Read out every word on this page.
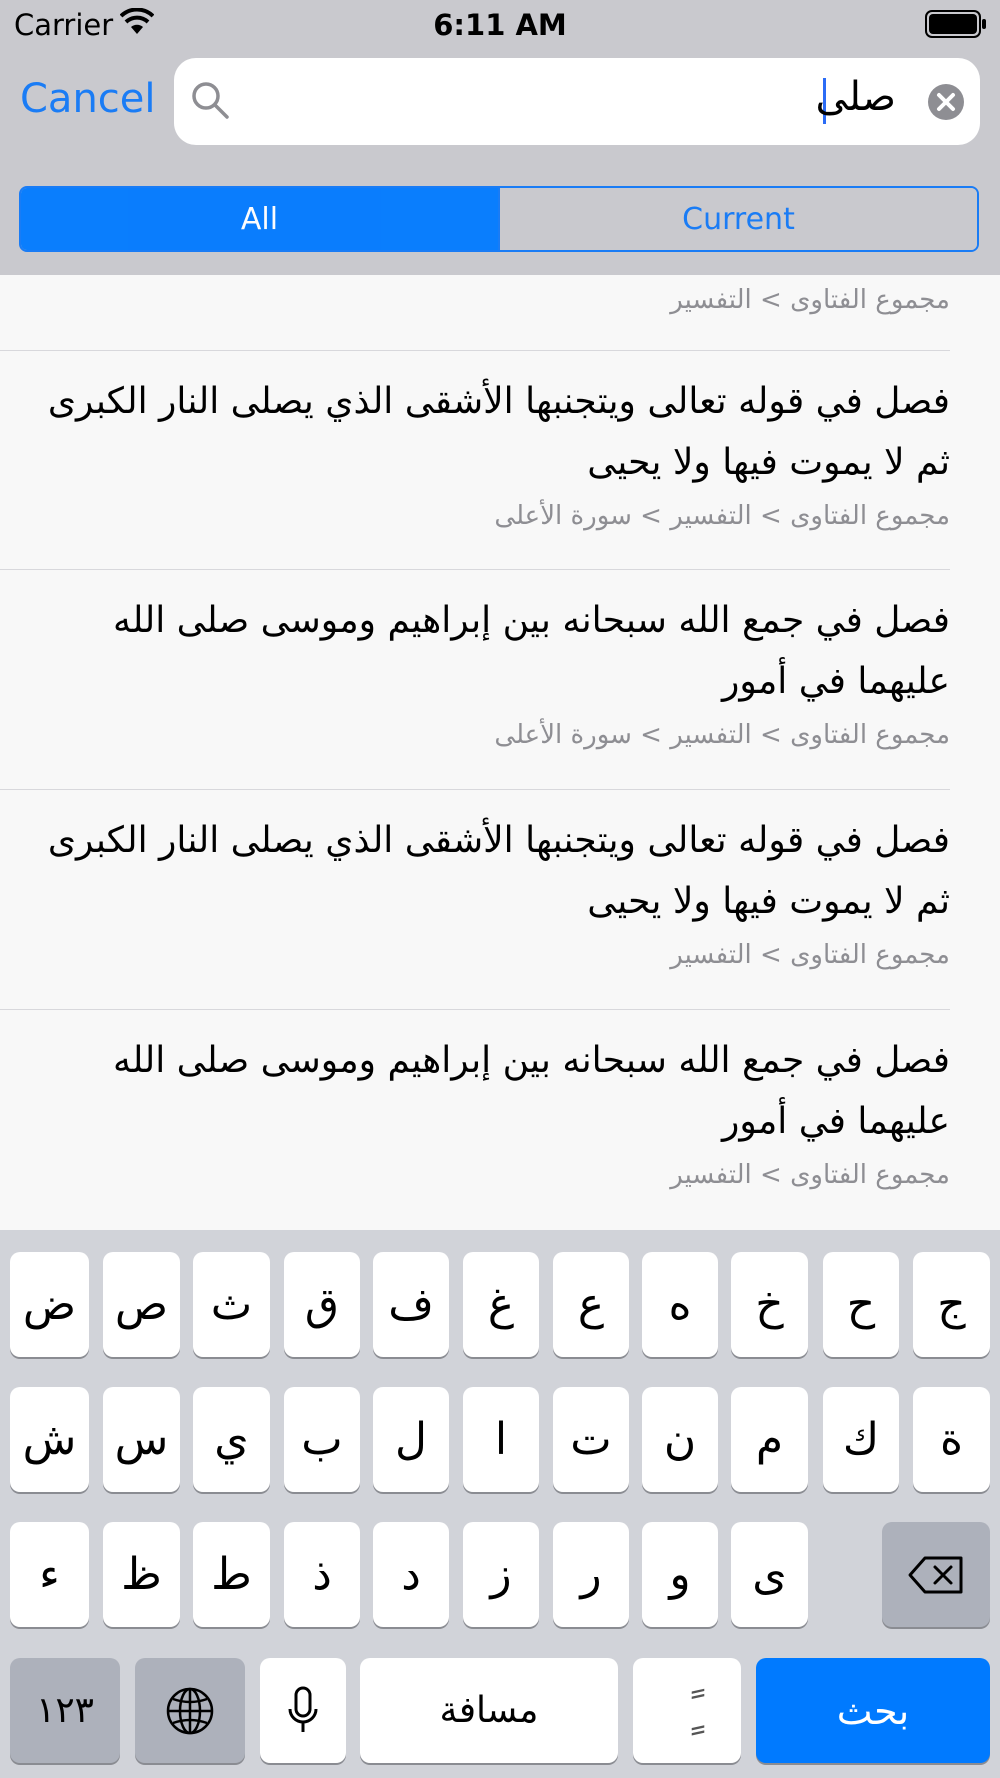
Carrier	6:11 AM
Cancel	صلى
All	Current
مجموع الفتاوى > التفسير
فصل في قوله تعالى ويتجنبها الأشقى الذي يصلى النار الكبرى ثم لا يموت فيها ولا يحيى
مجموع الفتاوى > التفسير > سورة الأعلى
فصل في جمع الله سبحانه بين إبراهيم وموسى صلى الله عليهما في أمور
مجموع الفتاوى > التفسير > سورة الأعلى
فصل في قوله تعالى ويتجنبها الأشقى الذي يصلى النار الكبرى ثم لا يموت فيها ولا يحيى
مجموع الفتاوى > التفسير
فصل في جمع الله سبحانه بين إبراهيم وموسى صلى الله عليهما في أمور
مجموع الفتاوى > التفسير
ض ص ث	ق	ف	غ	ع	ه	خ	ح	ج
ش س	ي	ب	ل	ا	ت	ن	م	ك	ة
ء	ظ	ط	ذ	د	ز	ر	و	ى
١٢٣	مسافة	بحث
